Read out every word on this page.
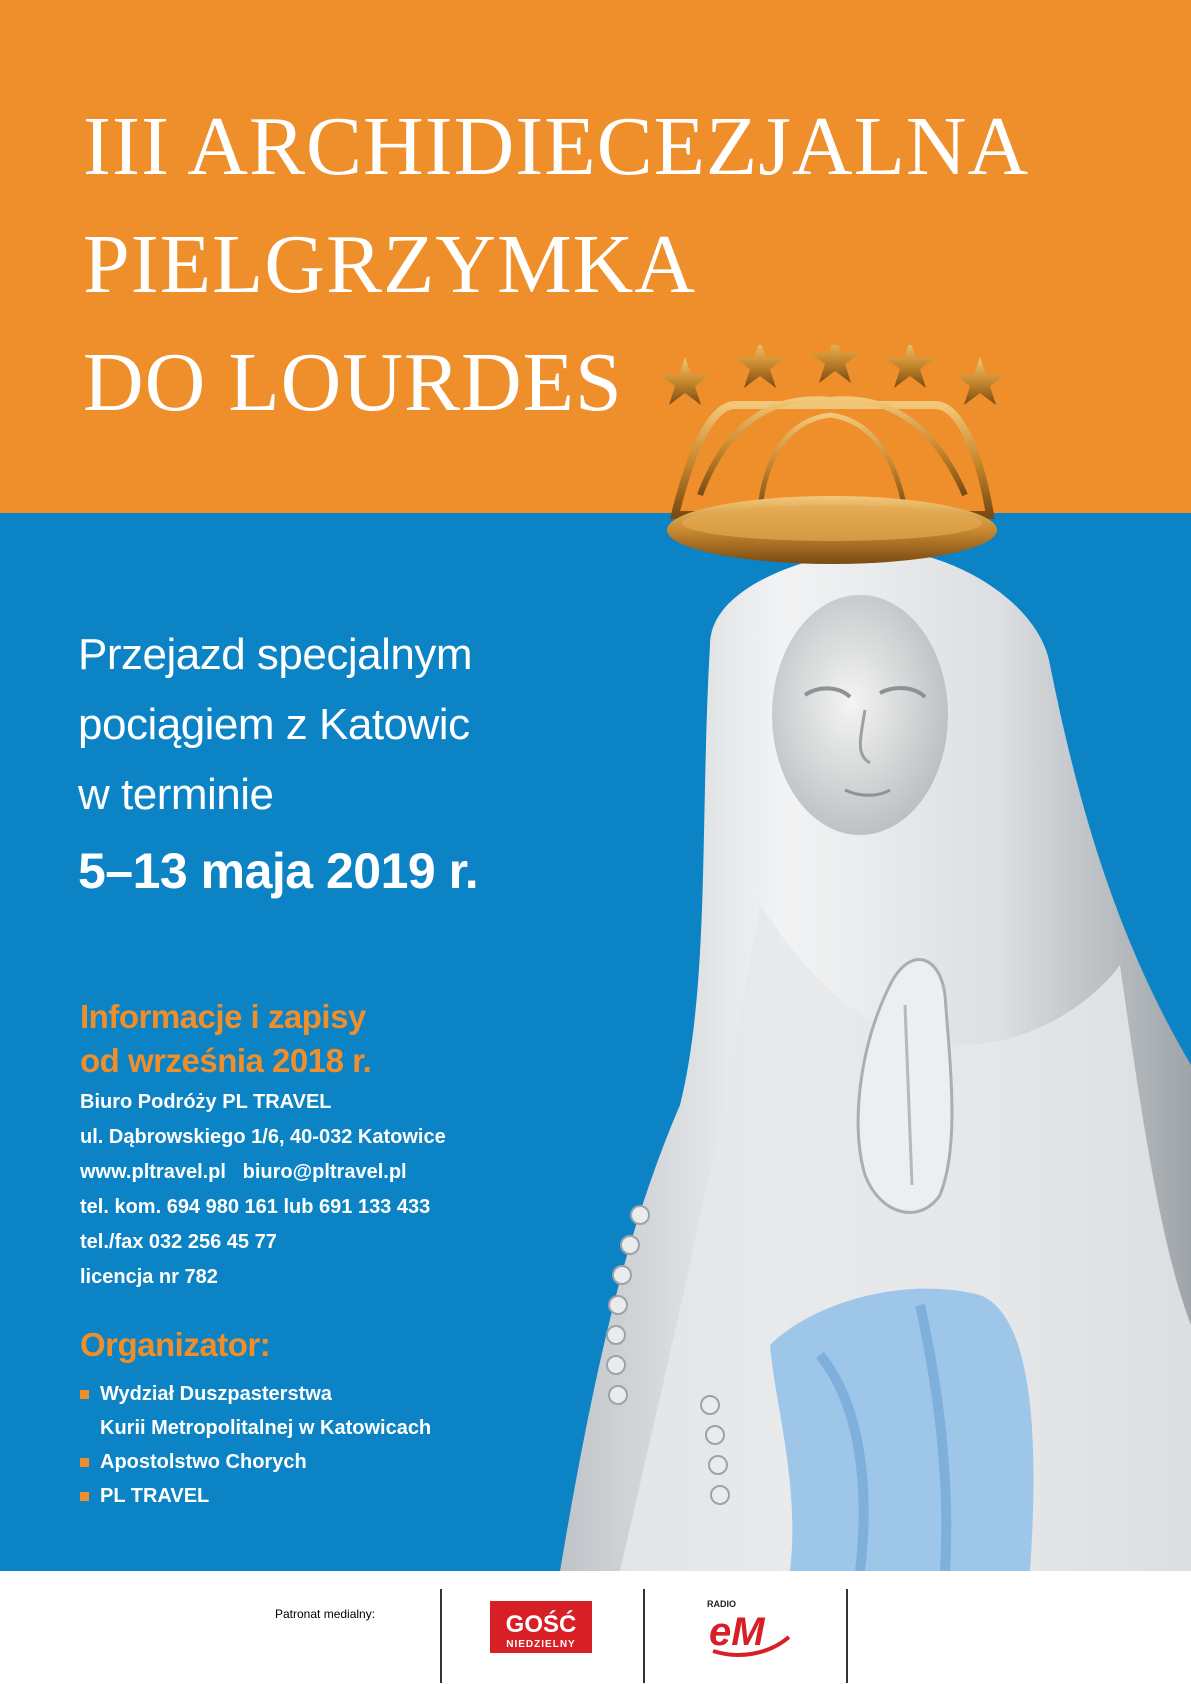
III ARCHIDIECEZJALNA
PIELGRZYMKA
DO LOURDES
Przejazd specjalnym
pociągiem z Katowic
w terminie
5–13 maja 2019 r.
Informacje i zapisy
od września 2018 r.
Biuro Podróży PL TRAVEL
ul. Dąbrowskiego 1/6, 40-032 Katowice
www.pltravel.pl   biuro@pltravel.pl
tel. kom. 694 980 161 lub 691 133 433
tel./fax 032 256 45 77
licencja nr 782
Organizator:
Wydział Duszpasterstwa
Kurii Metropolitalnej w Katowicach
Apostolstwo Chorych
PL TRAVEL
Patronat medialny:	GOŚĆ
NIEDZIELNY
RADIO
eM
